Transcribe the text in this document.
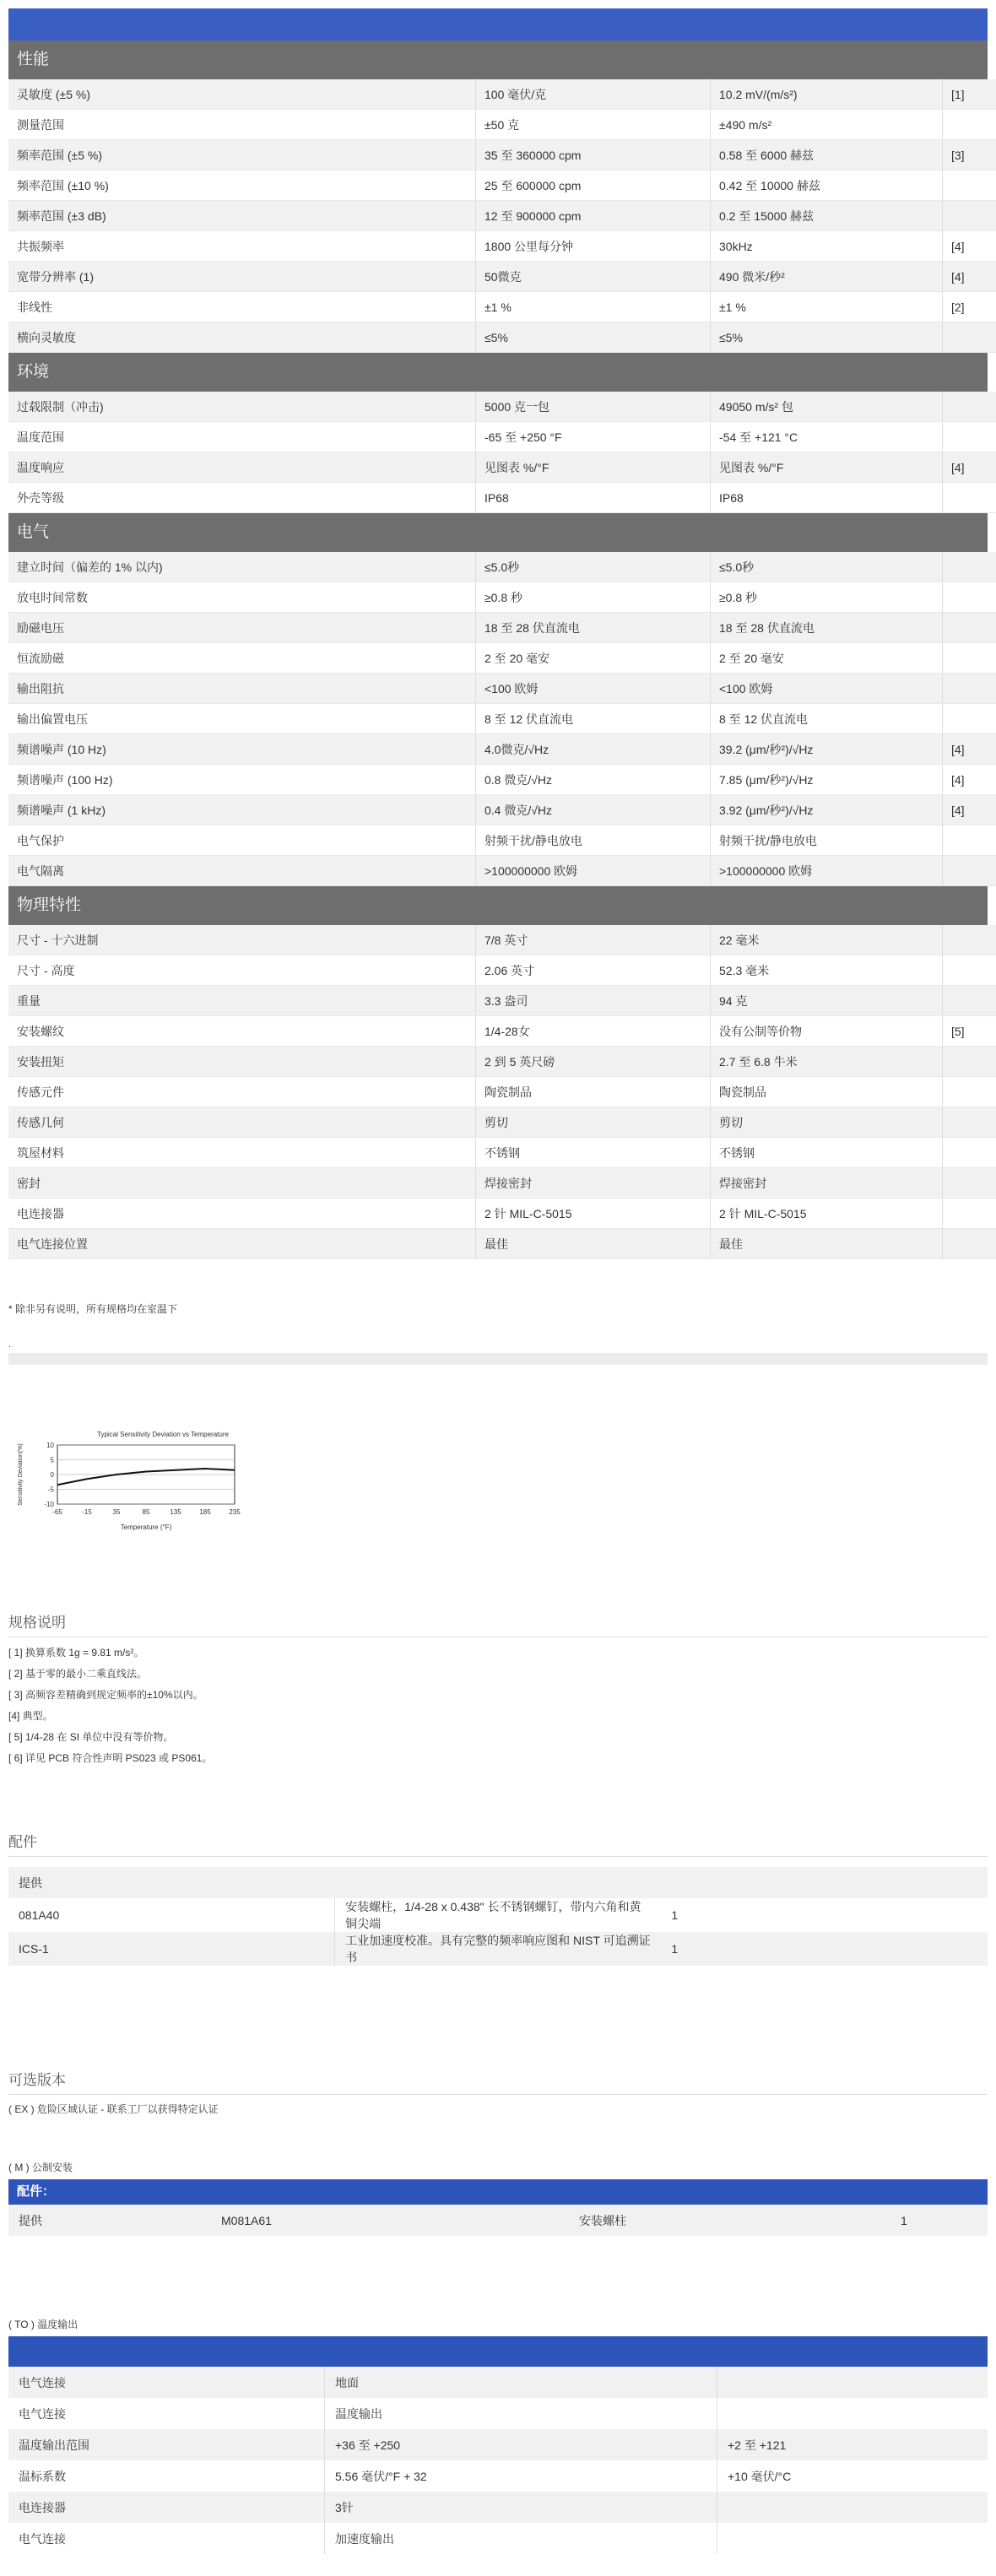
性能
灵敏度 (±5 %)	100 毫伏/克	10.2 mV/(m/s²)	[1]
测量范围	±50 克	±490 m/s²	
频率范围 (±5 %)	35 至 360000 cpm	0.58 至 6000 赫兹	[3]
频率范围 (±10 %)	25 至 600000 cpm	0.42 至 10000 赫兹	
频率范围 (±3 dB)	12 至 900000 cpm	0.2 至 15000 赫兹	
共振频率	1800 公里每分钟	30kHz	[4]
宽带分辨率 (1)	50微克	490 微米/秒²	[4]
非线性	±1 %	±1 %	[2]
横向灵敏度	≤5%	≤5%	
环境
过载限制（冲击)	5000 克一包	49050 m/s² 包	
温度范围	-65 至 +250 °F	-54 至 +121 °C	
温度响应	见图表 %/°F	见图表 %/°F	[4]
外壳等级	IP68	IP68	
电气
建立时间（偏差的 1% 以内)	≤5.0秒	≤5.0秒	
放电时间常数	≥0.8 秒	≥0.8 秒	
励磁电压	18 至 28 伏直流电	18 至 28 伏直流电	
恒流励磁	2 至 20 毫安	2 至 20 毫安	
输出阻抗	<100 欧姆	<100 欧姆	
输出偏置电压	8 至 12 伏直流电	8 至 12 伏直流电	
频谱噪声 (10 Hz)	4.0微克/√Hz	39.2 (μm/秒²)/√Hz	[4]
频谱噪声 (100 Hz)	0.8 微克/√Hz	7.85 (μm/秒²)/√Hz	[4]
频谱噪声 (1 kHz)	0.4 微克/√Hz	3.92 (μm/秒²)/√Hz	[4]
电气保护	射频干扰/静电放电	射频干扰/静电放电	
电气隔离	>100000000 欧姆	>100000000 欧姆	
物理特性
尺寸 - 十六进制	7/8 英寸	22 毫米	
尺寸 - 高度	2.06 英寸	52.3 毫米	
重量	3.3 盎司	94 克	
安装螺纹	1/4-28女	没有公制等价物	[5]
安装扭矩	2 到 5 英尺磅	2.7 至 6.8 牛米	
传感元件	陶瓷制品	陶瓷制品	
传感几何	剪切	剪切	
筑屋材料	不锈钢	不锈钢	
密封	焊接密封	焊接密封	
电连接器	2 针 MIL-C-5015	2 针 MIL-C-5015	
电气连接位置	最佳	最佳	
* 除非另有说明，所有规格均在室温下
.
10
5
0
-5
-10
-65	-15	35	85	135	185	235
Typical Sensitivity Deviation vs Temperature
Temperature (°F)
Sensitivity Deviation(%)
规格说明
[ 1] 换算系数 1g = 9.81 m/s²。
[ 2] 基于零的最小二乘直线法。
[ 3] 高频容差精确到规定频率的±10%以内。
[4] 典型。
[ 5] 1/4-28 在 SI 单位中没有等价物。
[ 6] 详见 PCB 符合性声明 PS023 或 PS061。
配件
提供		
081A40	安装螺柱，1/4-28 x 0.438" 长不锈钢螺钉，带内六角和黄铜尖端	1
ICS-1	工业加速度校准。具有完整的频率响应图和 NIST 可追溯证书	1
可选版本
( EX ) 危险区域认证 - 联系工厂以获得特定认证
( M ) 公制安装
配件：
提供	M081A61	安装螺柱	1
( TO ) 温度输出
电气连接	地面	
电气连接	温度输出	
温度输出范围	+36 至 +250	+2 至 +121
温标系数	5.56 毫伏/°F + 32	+10 毫伏/°C
电连接器	3针	
电气连接	加速度输出	
